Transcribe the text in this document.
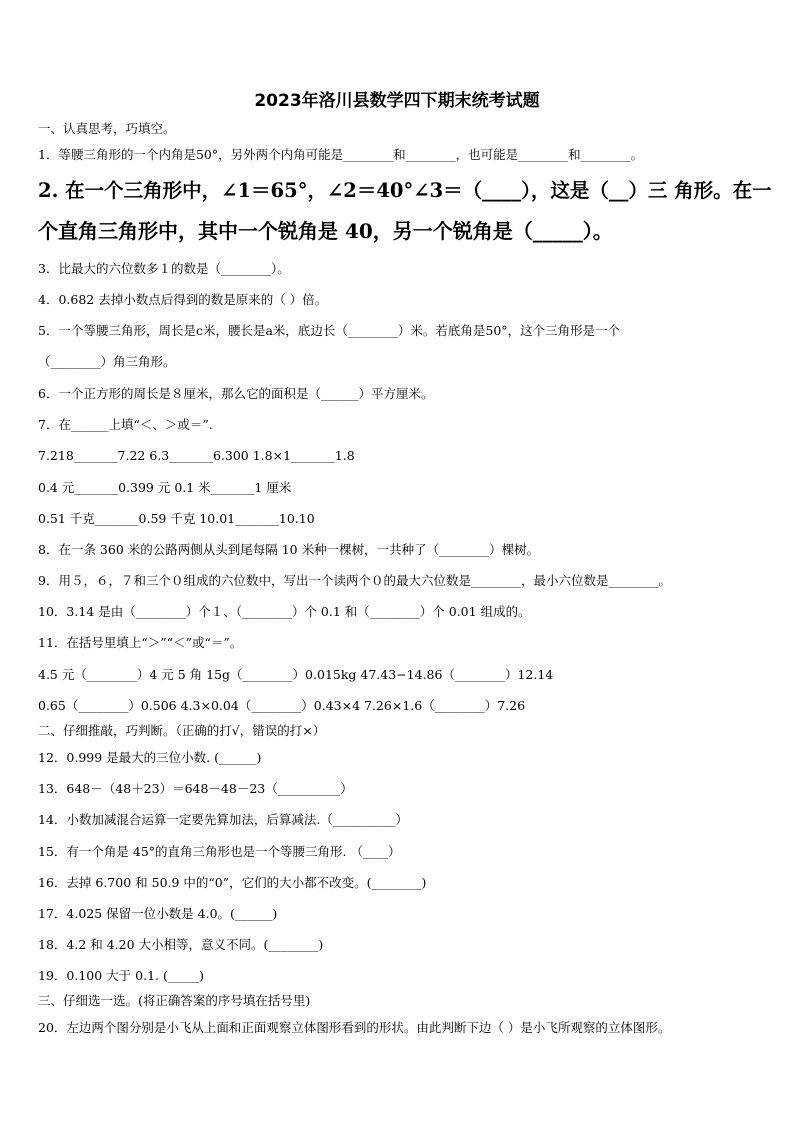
2023年洛川县数学四下期末统考试题
一、认真思考，巧填空。
1．等腰三角形的一个内角是50°，另外两个内角可能是________和________，也可能是________和________。
2. 在一个三角形中，∠1＝65°，∠2＝40°∠3＝（____），这是（__）三 角形。在一
个直角三角形中，其中一个锐角是 40，另一个锐角是（_____）。
3．比最大的六位数多１的数是（________）。
4．0.682 去掉小数点后得到的数是原来的（ ）倍。
5．一个等腰三角形，周长是c米，腰长是a米，底边长（________）米。若底角是50°，这个三角形是一个
（________）角三角形。
6．一个正方形的周长是８厘米，那么它的面积是（______）平方厘米。
7．在______上填“＜、＞或＝”.
7.218_______7.22 6.3_______6.300 1.8×1_______1.8
0.4 元_______0.399 元 0.1 米_______1 厘米
0.51 千克_______0.59 千克 10.01_______10.10
8．在一条 360 米的公路两侧从头到尾每隔 10 米种一棵树，一共种了（________）棵树。
9．用５，６，７和三个０组成的六位数中，写出一个读两个０的最大六位数是________，最小六位数是________。
10．3.14 是由（________）个１、（________）个 0.1 和（________）个 0.01 组成的。
11．在括号里填上“＞”“＜”或“＝”。
4.5 元（________）4 元 5 角 15g（________）0.015kg 47.43−14.86（________）12.14
0.65（________）0.506 4.3×0.04（________）0.43×4 7.26×1.6（________）7.26
二、仔细推敲，巧判断。（正确的打√，错误的打×）
12．0.999 是最大的三位小数. (______)
13．648－（48＋23）＝648－48－23（__________）
14．小数加减混合运算一定要先算加法，后算减法.（__________）
15．有一个角是 45°的直角三角形也是一个等腰三角形. （____）
16．去掉 6.700 和 50.9 中的“0”，它们的大小都不改变。(________)
17．4.025 保留一位小数是 4.0。(______)
18．4.2 和 4.20 大小相等，意义不同。(________)
19．0.100 大于 0.1. (_____)
三、仔细选一选。(将正确答案的序号填在括号里)
20．左边两个图分别是小飞从上面和正面观察立体图形看到的形状。由此判断下边（ ）是小飞所观察的立体图形。
